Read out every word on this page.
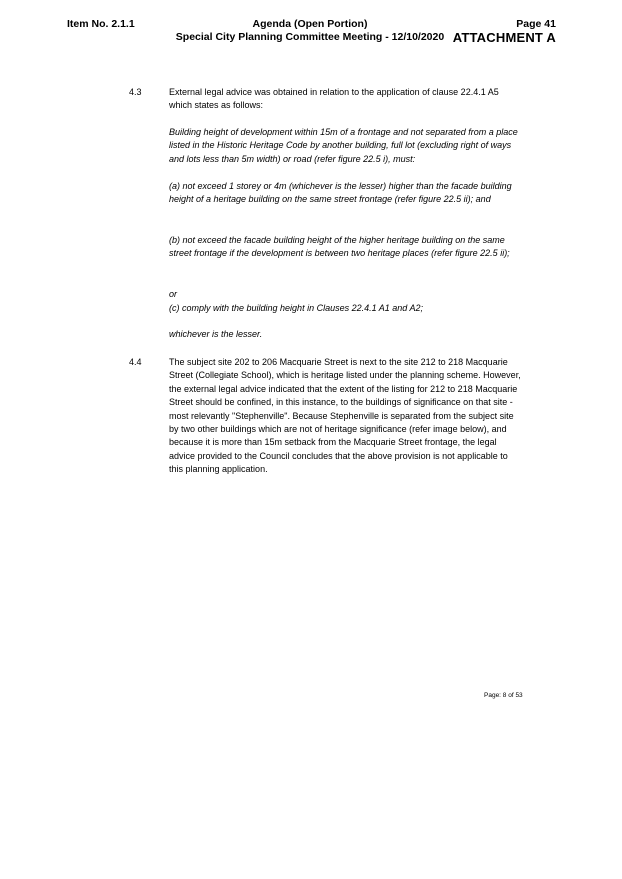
Item No. 2.1.1	Agenda (Open Portion)
Special City Planning Committee Meeting - 12/10/2020
Page 41
ATTACHMENT A
4.3	External legal advice was obtained in relation to the application of clause 22.4.1 A5 which states as follows:
Building height of development within 15m of a frontage and not separated from a place listed in the Historic Heritage Code by another building, full lot (excluding right of ways and lots less than 5m width) or road (refer figure 22.5 i), must:
(a) not exceed 1 storey or 4m (whichever is the lesser) higher than the facade building height of a heritage building on the same street frontage (refer figure 22.5 ii); and
(b) not exceed the facade building height of the higher heritage building on the same street frontage if the development is between two heritage places (refer figure 22.5 ii);
or
(c) comply with the building height in Clauses 22.4.1 A1 and A2;
whichever is the lesser.
4.4	The subject site 202 to 206 Macquarie Street is next to the site 212 to 218 Macquarie Street (Collegiate School), which is heritage listed under the planning scheme. However, the external legal advice indicated that the extent of the listing for 212 to 218 Macquarie Street should be confined, in this instance, to the buildings of significance on that site - most relevantly "Stephenville". Because Stephenville is separated from the subject site by two other buildings which are not of heritage significance (refer image below), and because it is more than 15m setback from the Macquarie Street frontage, the legal advice provided to the Council concludes that the above provision is not applicable to this planning application.
Page: 8 of 53
